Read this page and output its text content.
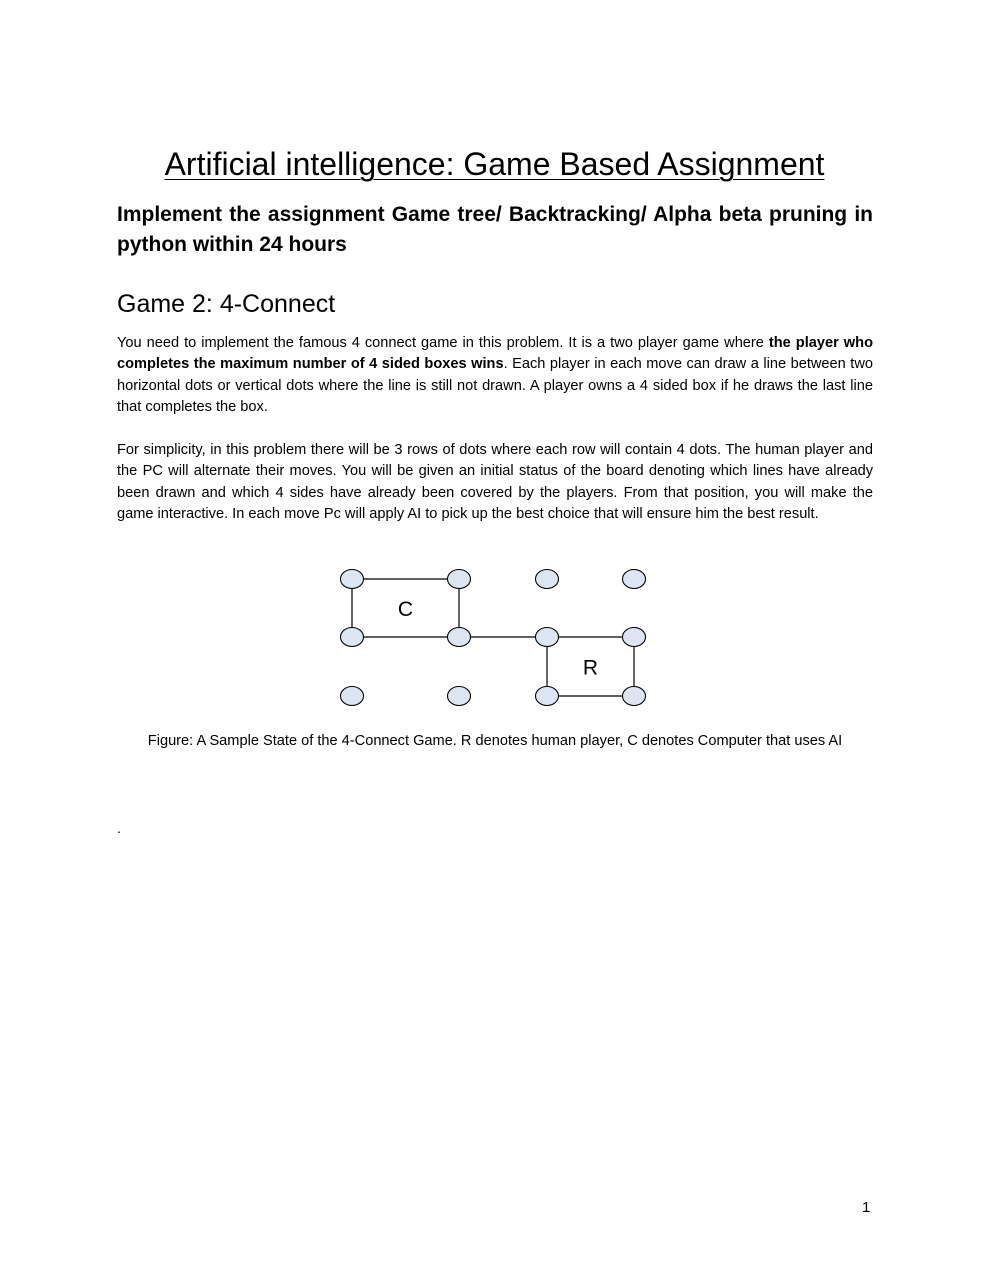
Artificial intelligence: Game Based Assignment
Implement the assignment Game tree/ Backtracking/ Alpha beta pruning in python within 24 hours
Game 2: 4-Connect
You need to implement the famous 4 connect game in this problem. It is a two player game where the player who completes the maximum number of 4 sided boxes wins. Each player in each move can draw a line between two horizontal dots or vertical dots where the line is still not drawn. A player owns a 4 sided box if he draws the last line that completes the box.
For simplicity, in this problem there will be 3 rows of dots where each row will contain 4 dots. The human player and the PC will alternate their moves. You will be given an initial status of the board denoting which lines have already been drawn and which 4 sides have already been covered by the players. From that position, you will make the game interactive. In each move Pc will apply AI to pick up the best choice that will ensure him the best result.
C
R
Figure: A Sample State of the 4-Connect Game. R denotes human player, C denotes Computer that uses AI
.
1
